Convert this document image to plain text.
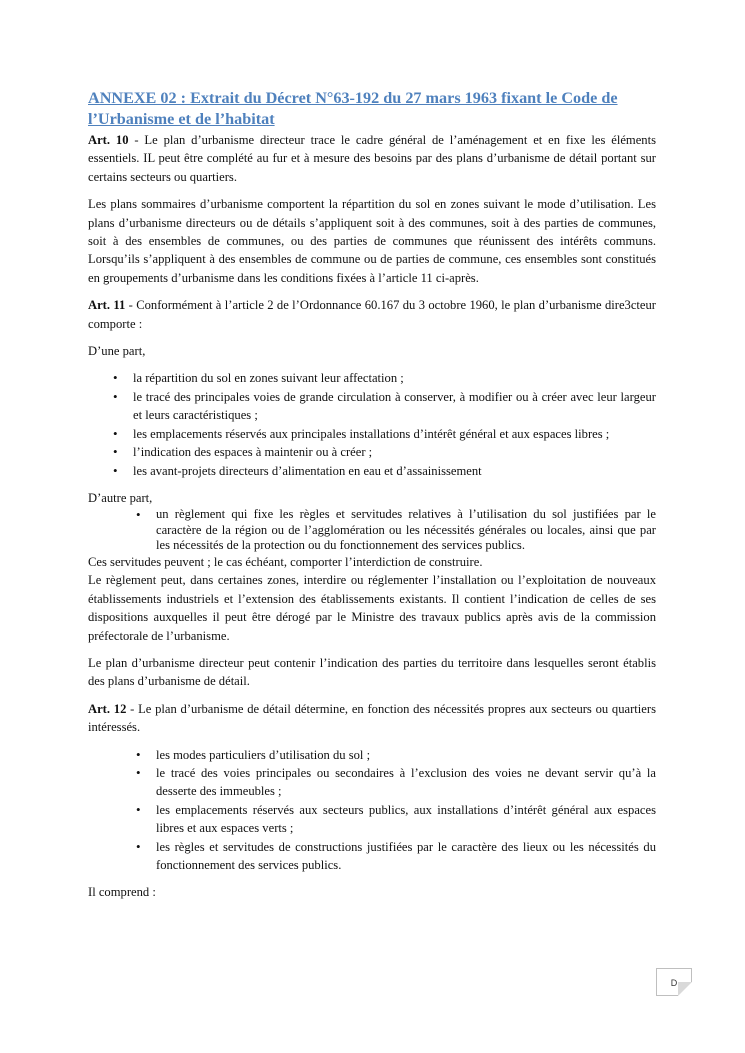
ANNEXE 02 : Extrait du Décret N°63-192 du 27 mars 1963 fixant le Code de l’Urbanisme et de l’habitat

Art. 10 - Le plan d’urbanisme directeur trace le cadre général de l’aménagement et en fixe les éléments essentiels. IL peut être complété au fur et à mesure des besoins par des plans d’urbanisme de détail portant sur certains secteurs ou quartiers.

Les plans sommaires d’urbanisme comportent la répartition du sol en zones suivant le mode d’utilisation. Les plans d’urbanisme directeurs ou de détails s’appliquent soit à des communes, soit à des parties de communes, soit à des ensembles de communes, ou des parties de communes que réunissent des intérêts communs. Lorsqu’ils s’appliquent à des ensembles de commune ou de parties de commune, ces ensembles sont constitués en groupements d’urbanisme dans les conditions fixées à l’article 11 ci-après.

Art. 11 - Conformément à l’article 2 de l’Ordonnance 60.167 du 3 octobre 1960, le plan d’urbanisme dire3cteur comporte :

D’une part,

• la répartition du sol en zones suivant leur affectation ;
• le tracé des principales voies de grande circulation à conserver, à modifier ou à créer avec leur largeur et leurs caractéristiques ;
• les emplacements réservés aux principales installations d’intérêt général et aux espaces libres ;
• l’indication des espaces à maintenir ou à créer ;
• les avant-projets directeurs d’alimentation en eau et d’assainissement

D’autre part,

• un règlement qui fixe les règles et servitudes relatives à l’utilisation du sol justifiées par le caractère de la région ou de l’agglomération ou les nécessités générales ou locales, ainsi que par les nécessités de la protection ou du fonctionnement des services publics.

Ces servitudes peuvent ; le cas échéant, comporter l’interdiction de construire.

Le règlement peut, dans certaines zones, interdire ou réglementer l’installation ou l’exploitation de nouveaux établissements industriels et l’extension des établissements existants. Il contient l’indication de celles de ses dispositions auxquelles il peut être dérogé par le Ministre des travaux publics après avis de la commission préfectorale de l’urbanisme.

Le plan d’urbanisme directeur peut contenir l’indication des parties du territoire dans lesquelles seront établis des plans d’urbanisme de détail.

Art. 12 - Le plan d’urbanisme de détail détermine, en fonction des nécessités propres aux secteurs ou quartiers intéressés.

• les modes particuliers d’utilisation du sol ;
• le tracé des voies principales ou secondaires à l’exclusion des voies ne devant servir qu’à la desserte des immeubles ;
• les emplacements réservés aux secteurs publics, aux installations d’intérêt général aux espaces libres et aux espaces verts ;
• les règles et servitudes de constructions justifiées par le caractère des lieux ou les nécessités du fonctionnement des services publics.

Il comprend :

D
